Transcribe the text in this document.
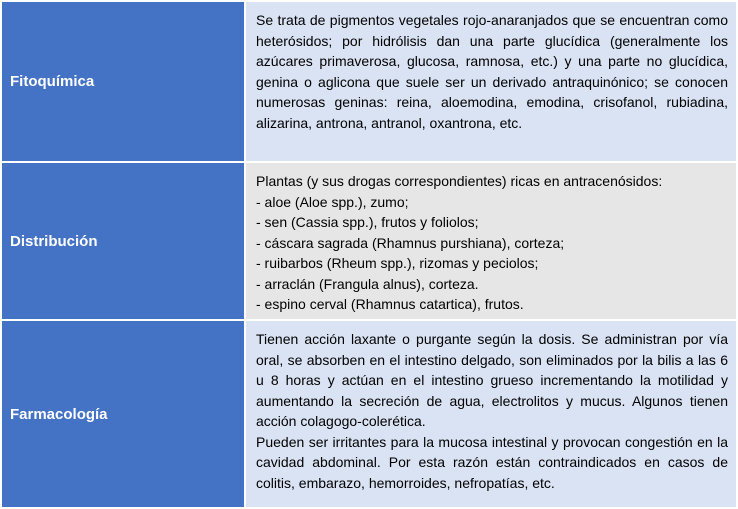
Fitoquímica
Se trata de pigmentos vegetales rojo-anaranjados que se encuentran como heterósidos; por hidrólisis dan una parte glucídica (generalmente los azúcares primaverosa, glucosa, ramnosa, etc.) y una parte no glucídica, genina o aglicona que suele ser un derivado antraquinónico; se conocen numerosas geninas: reina, aloemodina, emodina, crisofanol, rubiadina, alizarina, antrona, antranol, oxantrona, etc.
Distribución
Plantas (y sus drogas correspondientes) ricas en antracenósidos:
- aloe (Aloe spp.), zumo;
- sen (Cassia spp.), frutos y foliolos;
- cáscara sagrada (Rhamnus purshiana), corteza;
- ruibarbos (Rheum spp.), rizomas y peciolos;
- arraclán (Frangula alnus), corteza.
- espino cerval (Rhamnus catartica), frutos.
Farmacología
Tienen acción laxante o purgante según la dosis. Se administran por vía oral, se absorben en el intestino delgado, son eliminados por la bilis a las 6 u 8 horas y actúan en el intestino grueso incrementando la motilidad y aumentando la secreción de agua, electrolitos y mucus. Algunos tienen acción colagogo-colerética.
Pueden ser irritantes para la mucosa intestinal y provocan congestión en la cavidad abdominal. Por esta razón están contraindicados en casos de colitis, embarazo, hemorroides, nefropatías, etc.
